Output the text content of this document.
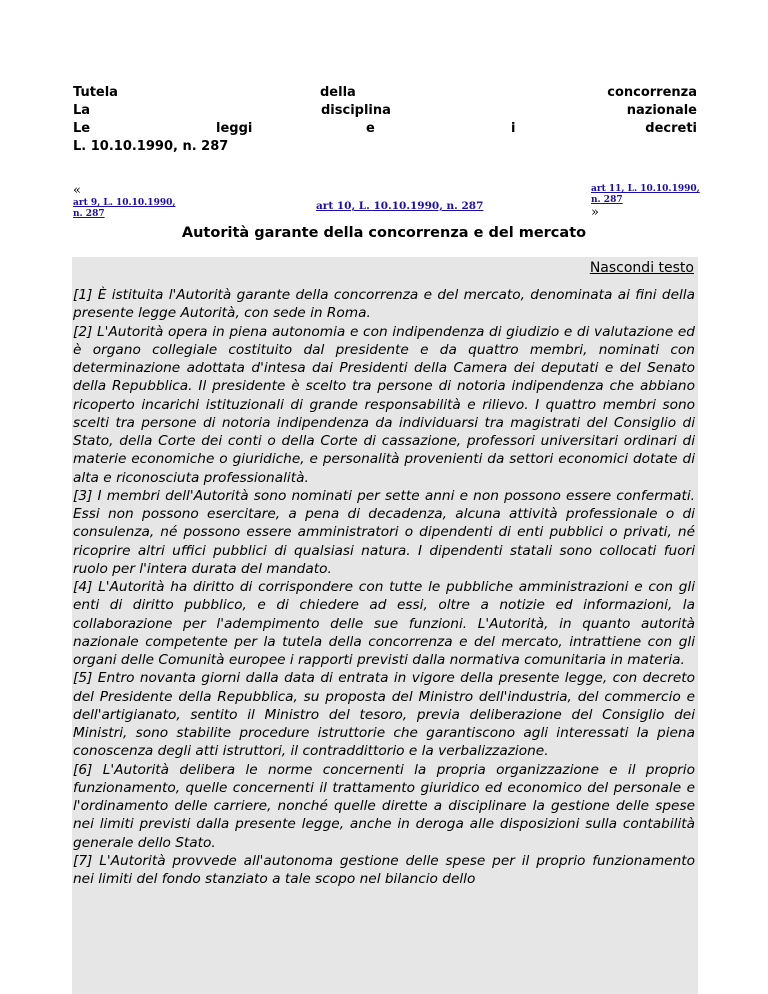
Tutela	della	concorrenza
La	disciplina	nazionale
Le	leggi	e	i	decreti
L. 10.10.1990, n. 287
«
art 9, L. 10.10.1990, n. 287
art 10, L. 10.10.1990, n. 287
art 11, L. 10.10.1990, n. 287
»
Autorità garante della concorrenza e del mercato
Nascondi testo

[1] È istituita l'Autorità garante della concorrenza e del mercato, denominata ai fini della presente legge Autorità, con sede in Roma.

[2] L'Autorità opera in piena autonomia e con indipendenza di giudizio e di valutazione ed è organo collegiale costituito dal presidente e da quattro membri, nominati con determinazione adottata d'intesa dai Presidenti della Camera dei deputati e del Senato della Repubblica. Il presidente è scelto tra persone di notoria indipendenza che abbiano ricoperto incarichi istituzionali di grande responsabilità e rilievo. I quattro membri sono scelti tra persone di notoria indipendenza da individuarsi tra magistrati del Consiglio di Stato, della Corte dei conti o della Corte di cassazione, professori universitari ordinari di materie economiche o giuridiche, e personalità provenienti da settori economici dotate di alta e riconosciuta professionalità.

[3] I membri dell'Autorità sono nominati per sette anni e non possono essere confermati. Essi non possono esercitare, a pena di decadenza, alcuna attività professionale o di consulenza, né possono essere amministratori o dipendenti di enti pubblici o privati, né ricoprire altri uffici pubblici di qualsiasi natura. I dipendenti statali sono collocati fuori ruolo per l'intera durata del mandato.

[4] L'Autorità ha diritto di corrispondere con tutte le pubbliche amministrazioni e con gli enti di diritto pubblico, e di chiedere ad essi, oltre a notizie ed informazioni, la collaborazione per l'adempimento delle sue funzioni. L'Autorità, in quanto autorità nazionale competente per la tutela della concorrenza e del mercato, intrattiene con gli organi delle Comunità europee i rapporti previsti dalla normativa comunitaria in materia.

[5] Entro novanta giorni dalla data di entrata in vigore della presente legge, con decreto del Presidente della Repubblica, su proposta del Ministro dell'industria, del commercio e dell'artigianato, sentito il Ministro del tesoro, previa deliberazione del Consiglio dei Ministri, sono stabilite procedure istruttorie che garantiscono agli interessati la piena conoscenza degli atti istruttori, il contraddittorio e la verbalizzazione.

[6] L'Autorità delibera le norme concernenti la propria organizzazione e il proprio funzionamento, quelle concernenti il trattamento giuridico ed economico del personale e l'ordinamento delle carriere, nonché quelle dirette a disciplinare la gestione delle spese nei limiti previsti dalla presente legge, anche in deroga alle disposizioni sulla contabilità generale dello Stato.

[7] L'Autorità provvede all'autonoma gestione delle spese per il proprio funzionamento nei limiti del fondo stanziato a tale scopo nel bilancio dello
